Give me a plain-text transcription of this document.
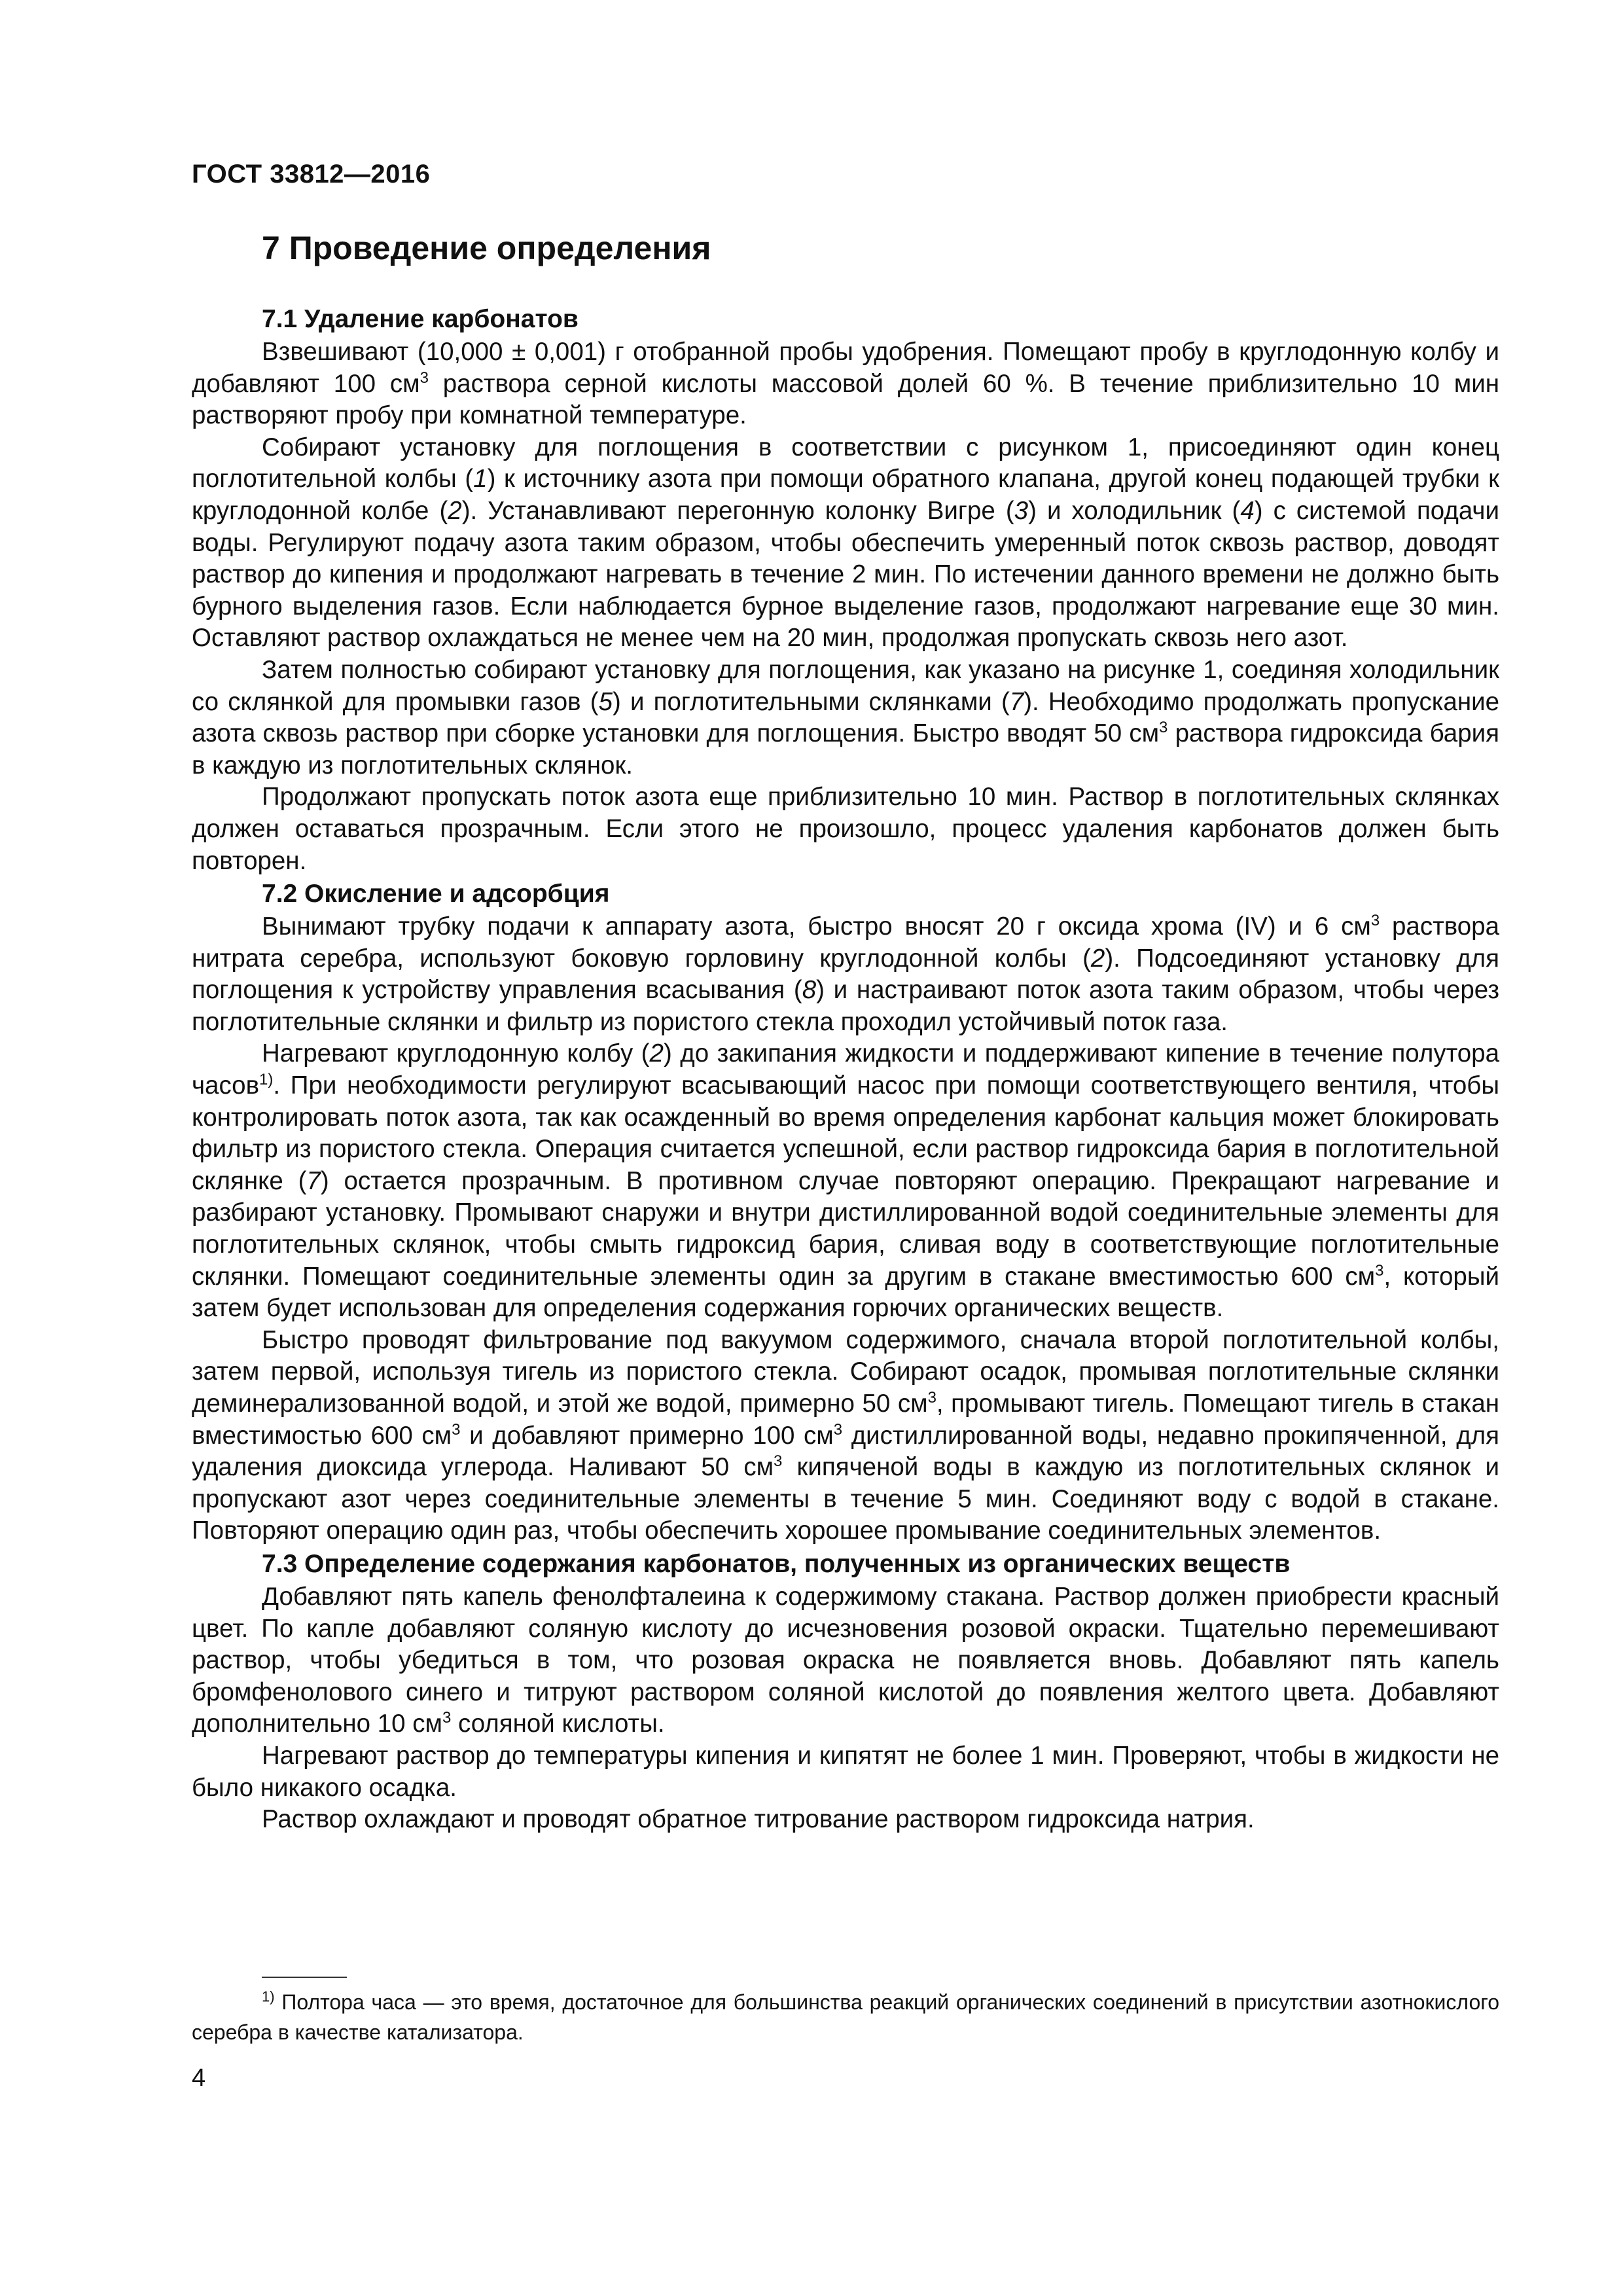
ГОСТ 33812—2016
7 Проведение определения
7.1 Удаление карбонатов

Взвешивают (10,000 ± 0,001) г отобранной пробы удобрения. Помещают пробу в круглодонную колбу и добавляют 100 $см^3$ раствора серной кислоты массовой долей 60 %. В течение приблизительно 10 мин растворяют пробу при комнатной температуре.

Собирают установку для поглощения в соответствии с рисунком 1, присоединяют один конец поглотительной колбы (1) к источнику азота при помощи обратного клапана, другой конец подающей трубки к круглодонной колбе (2). Устанавливают перегонную колонку Вигре (3) и холодильник (4) с системой подачи воды. Регулируют подачу азота таким образом, чтобы обеспечить умеренный поток сквозь раствор, доводят раствор до кипения и продолжают нагревать в течение 2 мин. По истечении данного времени не должно быть бурного выделения газов. Если наблюдается бурное выделение газов, продолжают нагревание еще 30 мин. Оставляют раствор охлаждаться не менее чем на 20 мин, продолжая пропускать сквозь него азот.

Затем полностью собирают установку для поглощения, как указано на рисунке 1, соединяя холодильник со склянкой для промывки газов (5) и поглотительными склянками (7). Необходимо продолжать пропускание азота сквозь раствор при сборке установки для поглощения. Быстро вводят 50 $см^3$ раствора гидроксида бария в каждую из поглотительных склянок.

Продолжают пропускать поток азота еще приблизительно 10 мин. Раствор в поглотительных склянках должен оставаться прозрачным. Если этого не произошло, процесс удаления карбонатов должен быть повторен.

7.2 Окисление и адсорбция

Вынимают трубку подачи к аппарату азота, быстро вносят 20 г оксида хрома (IV) и 6 $см^3$ раствора нитрата серебра, используют боковую горловину круглодонной колбы (2). Подсоединяют установку для поглощения к устройству управления всасывания (8) и настраивают поток азота таким образом, чтобы через поглотительные склянки и фильтр из пористого стекла проходил устойчивый поток газа.

Нагревают круглодонную колбу (2) до закипания жидкости и поддерживают кипение в течение полутора часов$^{1)}$. При необходимости регулируют всасывающий насос при помощи соответствующего вентиля, чтобы контролировать поток азота, так как осажденный во время определения карбонат кальция может блокировать фильтр из пористого стекла. Операция считается успешной, если раствор гидроксида бария в поглотительной склянке (7) остается прозрачным. В противном случае повторяют операцию. Прекращают нагревание и разбирают установку. Промывают снаружи и внутри дистиллированной водой соединительные элементы для поглотительных склянок, чтобы смыть гидроксид бария, сливая воду в соответствующие поглотительные склянки. Помещают соединительные элементы один за другим в стакане вместимостью 600 $см^3$, который затем будет использован для определения содержания горючих органических веществ.

Быстро проводят фильтрование под вакуумом содержимого, сначала второй поглотительной колбы, затем первой, используя тигель из пористого стекла. Собирают осадок, промывая поглотительные склянки деминерализованной водой, и этой же водой, примерно 50 $см^3$, промывают тигель. Помещают тигель в стакан вместимостью 600 $см^3$ и добавляют примерно 100 $см^3$ дистиллированной воды, недавно прокипяченной, для удаления диоксида углерода. Наливают 50 $см^3$ кипяченой воды в каждую из поглотительных склянок и пропускают азот через соединительные элементы в течение 5 мин. Соединяют воду с водой в стакане. Повторяют операцию один раз, чтобы обеспечить хорошее промывание соединительных элементов.

7.3 Определение содержания карбонатов, полученных из органических веществ

Добавляют пять капель фенолфталеина к содержимому стакана. Раствор должен приобрести красный цвет. По капле добавляют соляную кислоту до исчезновения розовой окраски. Тщательно перемешивают раствор, чтобы убедиться в том, что розовая окраска не появляется вновь. Добавляют пять капель бромфенолового синего и титруют раствором соляной кислотой до появления желтого цвета. Добавляют дополнительно 10 $см^3$ соляной кислоты.

Нагревают раствор до температуры кипения и кипятят не более 1 мин. Проверяют, чтобы в жидкости не было никакого осадка.

Раствор охлаждают и проводят обратное титрование раствором гидроксида натрия.

$^{1)}$ Полтора часа — это время, достаточное для большинства реакций органических соединений в присутствии азотнокислого серебра в качестве катализатора.
4
